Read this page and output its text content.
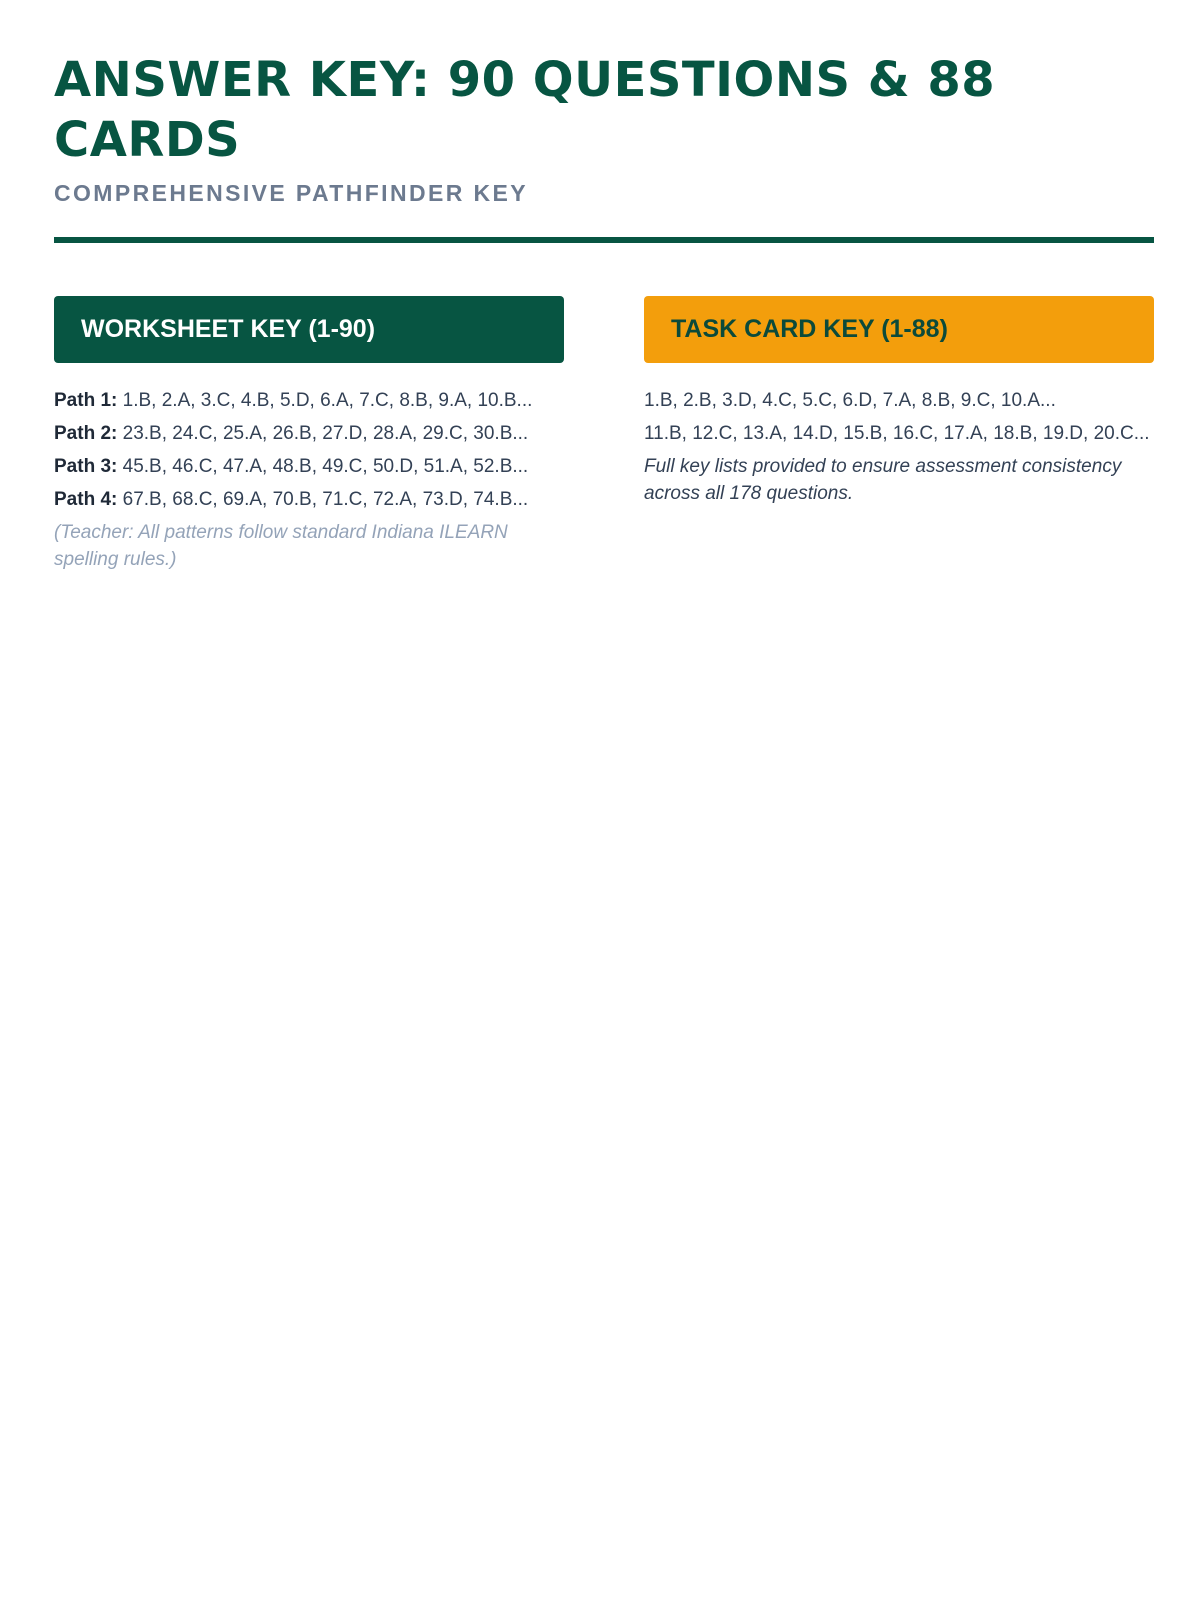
ANSWER KEY: 90 QUESTIONS & 88 CARDS
COMPREHENSIVE PATHFINDER KEY
WORKSHEET KEY (1-90)
Path 1: 1.B, 2.A, 3.C, 4.B, 5.D, 6.A, 7.C, 8.B, 9.A, 10.B...
Path 2: 23.B, 24.C, 25.A, 26.B, 27.D, 28.A, 29.C, 30.B...
Path 3: 45.B, 46.C, 47.A, 48.B, 49.C, 50.D, 51.A, 52.B...
Path 4: 67.B, 68.C, 69.A, 70.B, 71.C, 72.A, 73.D, 74.B...
(Teacher: All patterns follow standard Indiana ILEARN spelling rules.)
TASK CARD KEY (1-88)
1.B, 2.B, 3.D, 4.C, 5.C, 6.D, 7.A, 8.B, 9.C, 10.A...
11.B, 12.C, 13.A, 14.D, 15.B, 16.C, 17.A, 18.B, 19.D, 20.C...
Full key lists provided to ensure assessment consistency across all 178 questions.
